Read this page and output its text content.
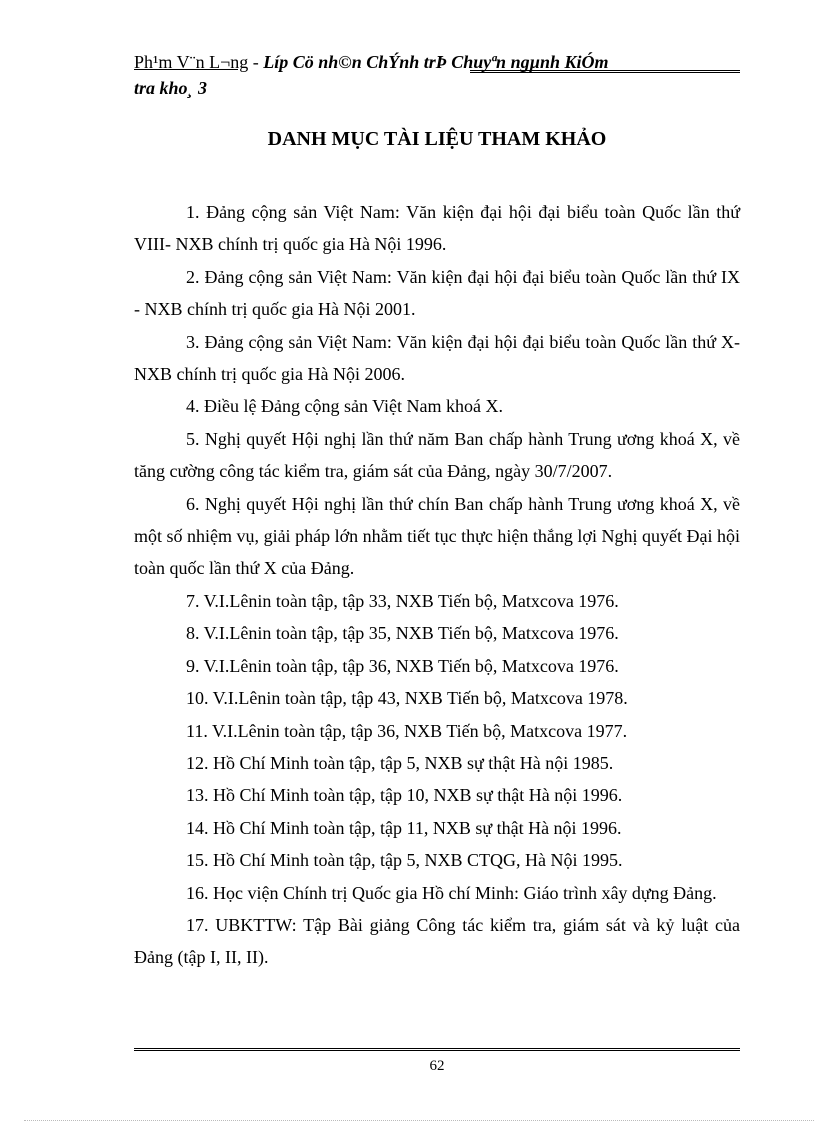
Ph¹m V¨n L¬ng - Líp Cö nh©n ChÝnh trÞ Chuyªn ngµnh KiÓm
tra kho¸ 3
DANH MỤC TÀI LIỆU THAM KHẢO
1. Đảng cộng sản Việt Nam: Văn kiện đại hội đại biểu toàn Quốc lần thứ VIII- NXB chính trị quốc gia Hà Nội 1996.
2. Đảng cộng sản Việt Nam: Văn kiện đại hội đại biểu toàn Quốc lần thứ IX - NXB chính trị quốc gia Hà Nội 2001.
3. Đảng cộng sản Việt Nam: Văn kiện đại hội đại biểu toàn Quốc lần thứ X- NXB chính trị quốc gia Hà Nội 2006.
4. Điều lệ Đảng cộng sản Việt Nam khoá X.
5. Nghị quyết Hội nghị lần thứ năm Ban chấp hành Trung ương khoá X, về tăng cường công tác kiểm tra, giám sát của Đảng, ngày 30/7/2007.
6. Nghị quyết Hội nghị lần thứ chín Ban chấp hành Trung ương khoá X, về một số nhiệm vụ, giải pháp lớn nhằm tiết tục thực hiện thắng lợi Nghị quyết Đại hội toàn quốc lần thứ X của Đảng.
7. V.I.Lênin toàn tập, tập 33, NXB Tiến bộ, Matxcova 1976.
8. V.I.Lênin toàn tập, tập 35, NXB Tiến bộ, Matxcova 1976.
9. V.I.Lênin toàn tập, tập 36, NXB Tiến bộ, Matxcova 1976.
10. V.I.Lênin toàn tập, tập 43, NXB Tiến bộ, Matxcova 1978.
11. V.I.Lênin toàn tập, tập 36, NXB Tiến bộ, Matxcova 1977.
12. Hồ Chí Minh toàn tập, tập 5, NXB sự thật Hà nội 1985.
13. Hồ Chí Minh toàn tập, tập 10, NXB sự thật Hà nội 1996.
14. Hồ Chí Minh toàn tập, tập 11, NXB sự thật Hà nội 1996.
15. Hồ Chí Minh toàn tập, tập 5, NXB CTQG, Hà Nội 1995.
16. Học viện Chính trị Quốc gia Hồ chí Minh: Giáo trình xây dựng Đảng.
17. UBKTTW: Tập Bài giảng Công tác kiểm tra, giám sát và kỷ luật của Đảng (tập I, II, II).
62
